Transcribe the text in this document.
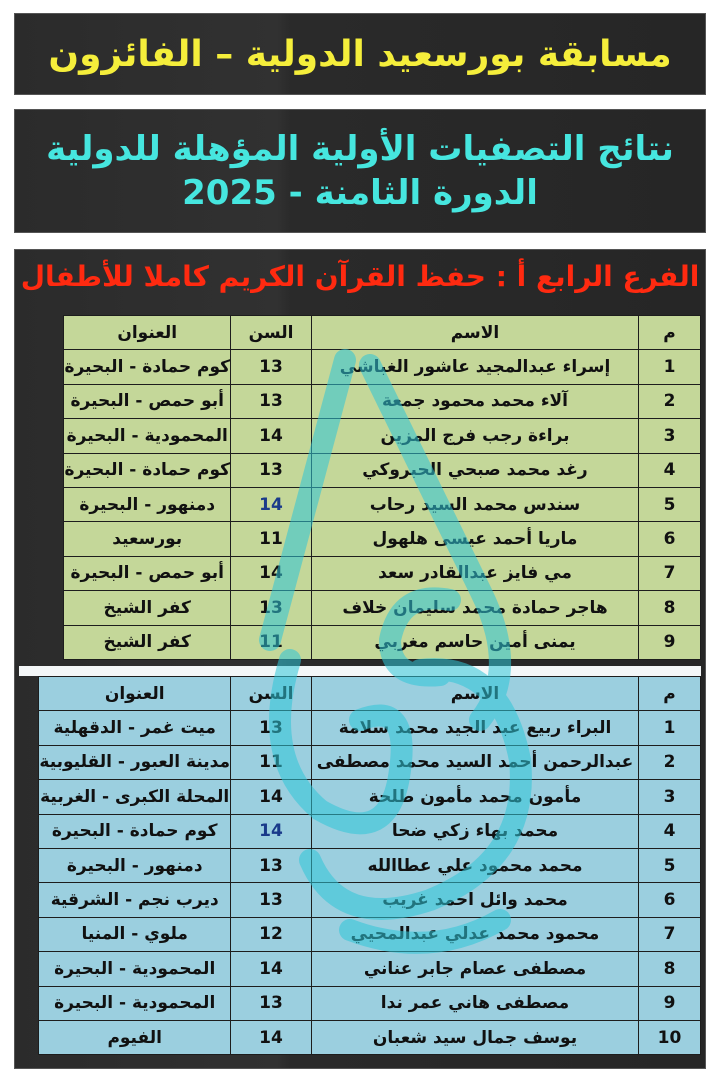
مسابقة بورسعيد الدولية – الفائزون
نتائج التصفيات الأولية المؤهلة للدولية
الدورة الثامنة - 2025
الفرع الرابع أ : حفظ القرآن الكريم كاملا للأطفال
م	الاسم	السن	العنوان
1	إسراء عبدالمجيد عاشور الغباشي	13	كوم حمادة - البحيرة
2	آلاء محمد محمود جمعة	13	أبو حمص - البحيرة
3	براءة رجب فرج المزين	14	المحمودية - البحيرة
4	رغد محمد صبحي الحبروكي	13	كوم حمادة - البحيرة
5	سندس محمد السيد رحاب	14	دمنهور - البحيرة
6	ماريا أحمد عيسى هلهول	11	بورسعيد
7	مي فايز عبدالقادر سعد	14	أبو حمص - البحيرة
8	هاجر حمادة محمد سليمان خلاف	13	كفر الشيخ
9	يمنى أمين حاسم مغربي	11	كفر الشيخ
م	الاسم	السن	العنوان
1	البراء ربيع عبد الجيد محمد سلامة	13	ميت غمر - الدقهلية
2	عبدالرحمن أحمد السيد محمد مصطفى	11	مدينة العبور - القليوبية
3	مأمون محمد مأمون طلحة	14	المحلة الكبرى - الغربية
4	محمد بهاء زكي ضحا	14	كوم حمادة - البحيرة
5	محمد محمود علي عطاالله	13	دمنهور - البحيرة
6	محمد وائل احمد غريب	13	ديرب نجم - الشرقية
7	محمود محمد عدلي عبدالمحيي	12	ملوي - المنيا
8	مصطفى عصام جابر عناني	14	المحمودية - البحيرة
9	مصطفى هاني عمر ندا	13	المحمودية - البحيرة
10	يوسف جمال سيد شعبان	14	الفيوم
